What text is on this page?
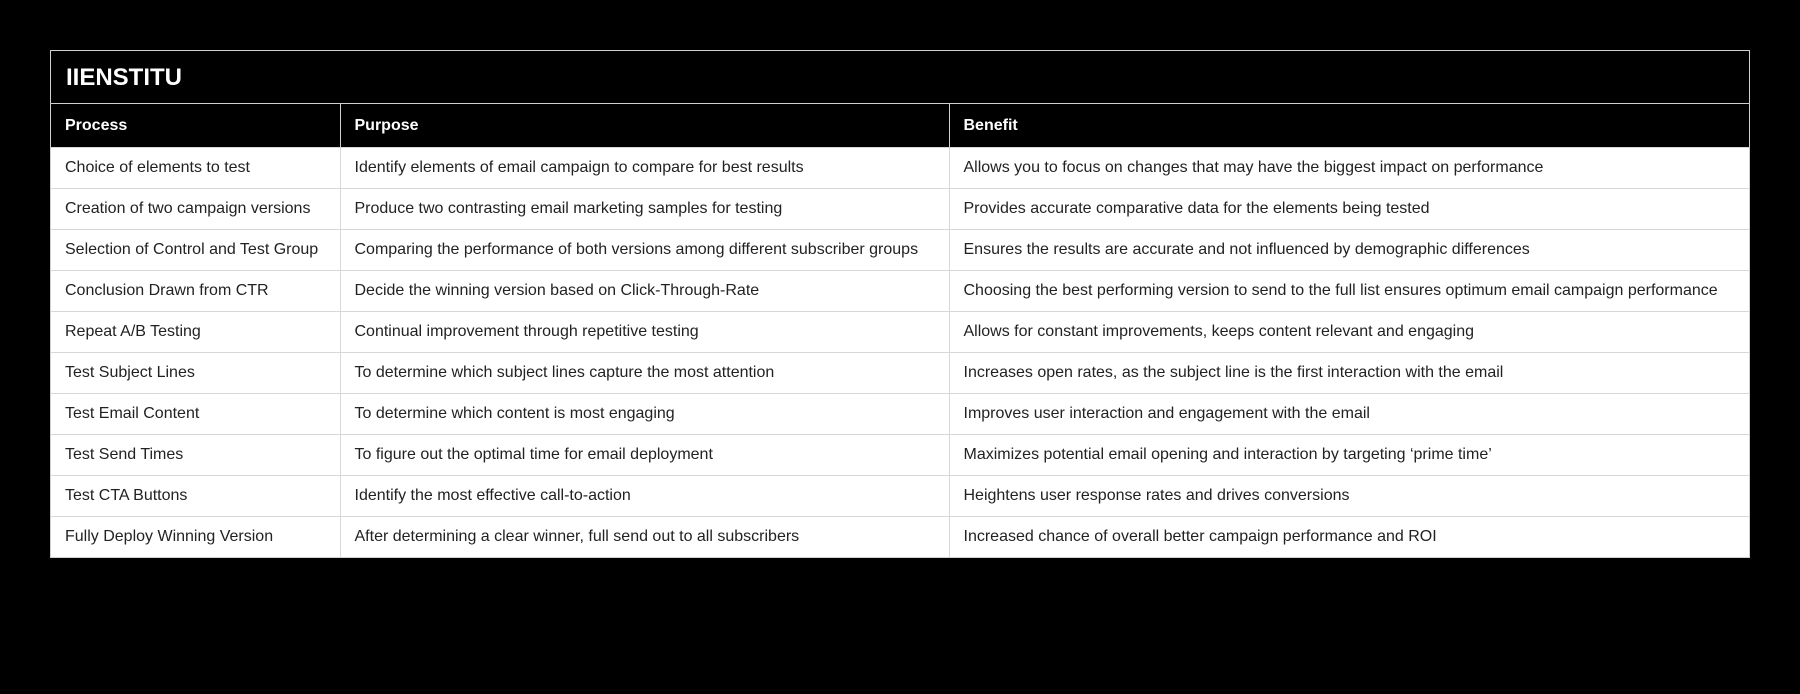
IIENSTITU
Process	Purpose	Benefit
Choice of elements to test	Identify elements of email campaign to compare for best results	Allows you to focus on changes that may have the biggest impact on performance
Creation of two campaign versions	Produce two contrasting email marketing samples for testing	Provides accurate comparative data for the elements being tested
Selection of Control and Test Group	Comparing the performance of both versions among different subscriber groups	Ensures the results are accurate and not influenced by demographic differences
Conclusion Drawn from CTR	Decide the winning version based on Click-Through-Rate	Choosing the best performing version to send to the full list ensures optimum email campaign performance
Repeat A/B Testing	Continual improvement through repetitive testing	Allows for constant improvements, keeps content relevant and engaging
Test Subject Lines	To determine which subject lines capture the most attention	Increases open rates, as the subject line is the first interaction with the email
Test Email Content	To determine which content is most engaging	Improves user interaction and engagement with the email
Test Send Times	To figure out the optimal time for email deployment	Maximizes potential email opening and interaction by targeting ‘prime time’
Test CTA Buttons	Identify the most effective call-to-action	Heightens user response rates and drives conversions
Fully Deploy Winning Version	After determining a clear winner, full send out to all subscribers	Increased chance of overall better campaign performance and ROI
